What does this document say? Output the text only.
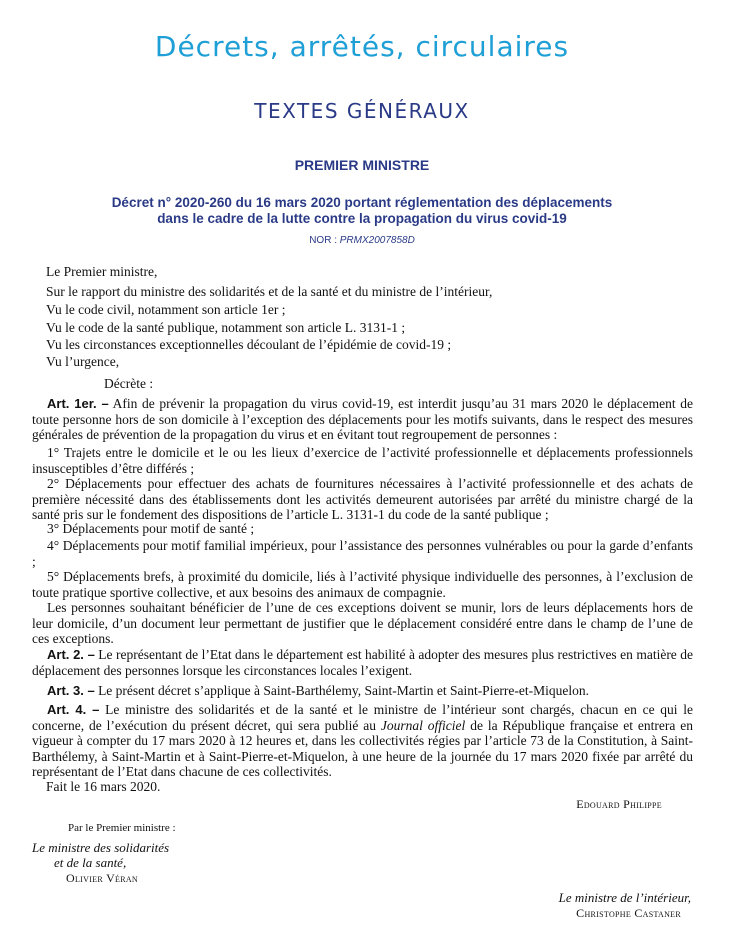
Décrets, arrêtés, circulaires
TEXTES GÉNÉRAUX
PREMIER MINISTRE
Décret n° 2020-260 du 16 mars 2020 portant réglementation des déplacements
dans le cadre de la lutte contre la propagation du virus covid-19
NOR : PRMX2007858D
Le Premier ministre,
Sur le rapport du ministre des solidarités et de la santé et du ministre de l’intérieur,
Vu le code civil, notamment son article 1er ;
Vu le code de la santé publique, notamment son article L. 3131-1 ;
Vu les circonstances exceptionnelles découlant de l’épidémie de covid-19 ;
Vu l’urgence,
Décrète :
Art. 1er. – Afin de prévenir la propagation du virus covid-19, est interdit jusqu’au 31 mars 2020 le déplacement de toute personne hors de son domicile à l’exception des déplacements pour les motifs suivants, dans le respect des mesures générales de prévention de la propagation du virus et en évitant tout regroupement de personnes :
1° Trajets entre le domicile et le ou les lieux d’exercice de l’activité professionnelle et déplacements professionnels insusceptibles d’être différés ;
2° Déplacements pour effectuer des achats de fournitures nécessaires à l’activité professionnelle et des achats de première nécessité dans des établissements dont les activités demeurent autorisées par arrêté du ministre chargé de la santé pris sur le fondement des dispositions de l’article L. 3131-1 du code de la santé publique ;
3° Déplacements pour motif de santé ;
4° Déplacements pour motif familial impérieux, pour l’assistance des personnes vulnérables ou pour la garde d’enfants ;
5° Déplacements brefs, à proximité du domicile, liés à l’activité physique individuelle des personnes, à l’exclusion de toute pratique sportive collective, et aux besoins des animaux de compagnie.
Les personnes souhaitant bénéficier de l’une de ces exceptions doivent se munir, lors de leurs déplacements hors de leur domicile, d’un document leur permettant de justifier que le déplacement considéré entre dans le champ de l’une de ces exceptions.
Art. 2. – Le représentant de l’Etat dans le département est habilité à adopter des mesures plus restrictives en matière de déplacement des personnes lorsque les circonstances locales l’exigent.
Art. 3. – Le présent décret s’applique à Saint-Barthélemy, Saint-Martin et Saint-Pierre-et-Miquelon.
Art. 4. – Le ministre des solidarités et de la santé et le ministre de l’intérieur sont chargés, chacun en ce qui le concerne, de l’exécution du présent décret, qui sera publié au Journal officiel de la République française et entrera en vigueur à compter du 17 mars 2020 à 12 heures et, dans les collectivités régies par l’article 73 de la Constitution, à Saint-Barthélemy, à Saint-Martin et à Saint-Pierre-et-Miquelon, à une heure de la journée du 17 mars 2020 fixée par arrêté du représentant de l’Etat dans chacune de ces collectivités.
Fait le 16 mars 2020.
Edouard Philippe
Par le Premier ministre :
Le ministre des solidarités
et de la santé,
Olivier Véran
Le ministre de l’intérieur,
Christophe Castaner
